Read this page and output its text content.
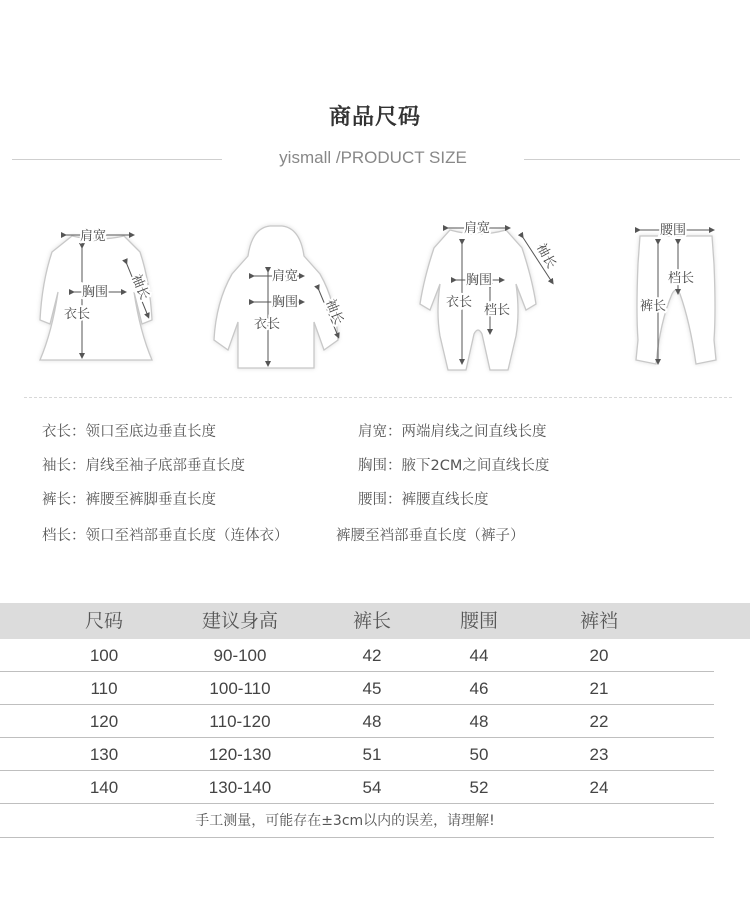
商品尺码
yismall /PRODUCT SIZE
肩宽
胸围
衣长
袖长	肩宽
胸围
衣长	袖长
肩宽
胸围
衣长
档长
袖长
腰围
档长
裤长
衣长：领口至底边垂直长度	肩宽：两端肩线之间直线长度
袖长：肩线至袖子底部垂直长度	胸围：腋下2CM之间直线长度
裤长：裤腰至裤脚垂直长度	腰围：裤腰直线长度
档长：领口至裆部垂直长度（连体衣）	裤腰至裆部垂直长度（裤子）
尺码	建议身高	裤长	腰围	裤裆
100	90-100	42	44	20
110	100-110	45	46	21
120	110-120	48	48	22
130	120-130	51	50	23
140	130-140	54	52	24
手工测量，可能存在±3cm以内的误差，请理解!
